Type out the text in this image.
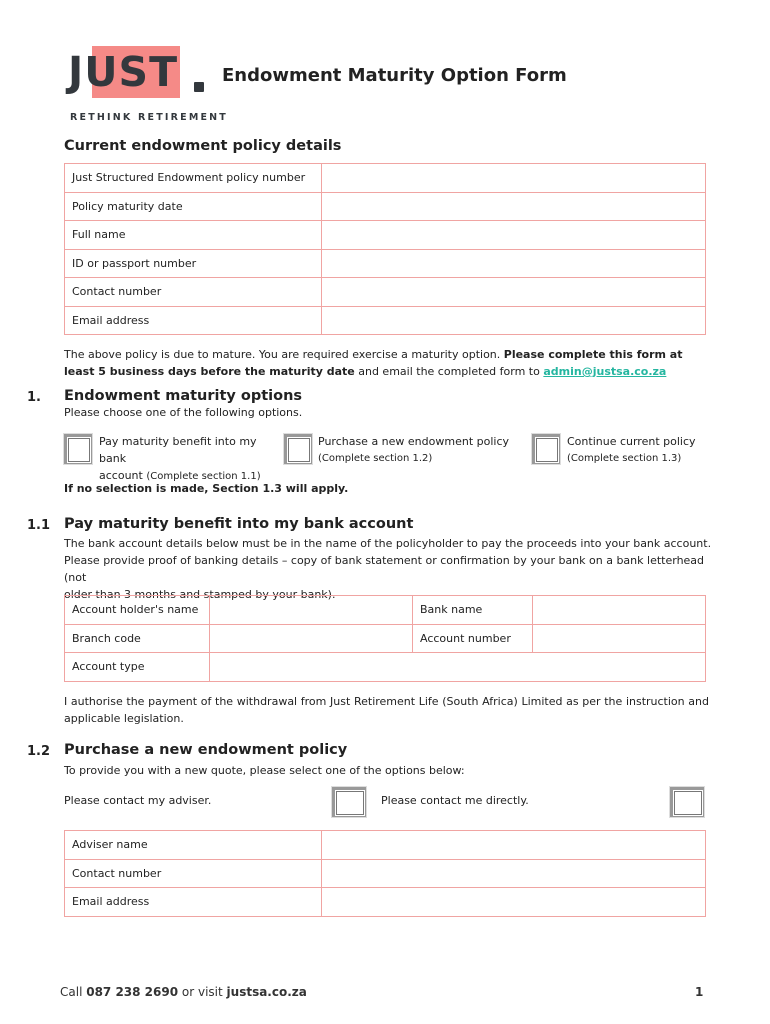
JUST
RETHINK RETIREMENT
Endowment Maturity Option Form
Current endowment policy details
Just Structured Endowment policy number	
Policy maturity date	
Full name	
ID or passport number	
Contact number	
Email address	
The above policy is due to mature. You are required exercise a maturity option. Please complete this form at least 5 business days before the maturity date and email the completed form to admin@justsa.co.za
1. Endowment maturity options
Please choose one of the following options.
Pay maturity benefit into my bank
account (Complete section 1.1)
Purchase a new endowment policy
(Complete section 1.2)
Continue current policy
(Complete section 1.3)
If no selection is made, Section 1.3 will apply.
1.1 Pay maturity benefit into my bank account
The bank account details below must be in the name of the policyholder to pay the proceeds into your bank account.
Please provide proof of banking details – copy of bank statement or confirmation by your bank on a bank letterhead (not
older than 3 months and stamped by your bank).
Account holder's name		Bank name	
Branch code		Account number	
Account type			
I authorise the payment of the withdrawal from Just Retirement Life (South Africa) Limited as per the instruction and
applicable legislation.
1.2 Purchase a new endowment policy
To provide you with a new quote, please select one of the options below:
Please contact my adviser.	Please contact me directly.
Adviser name	
Contact number	
Email address	
Call 087 238 2690 or visit justsa.co.za	1
